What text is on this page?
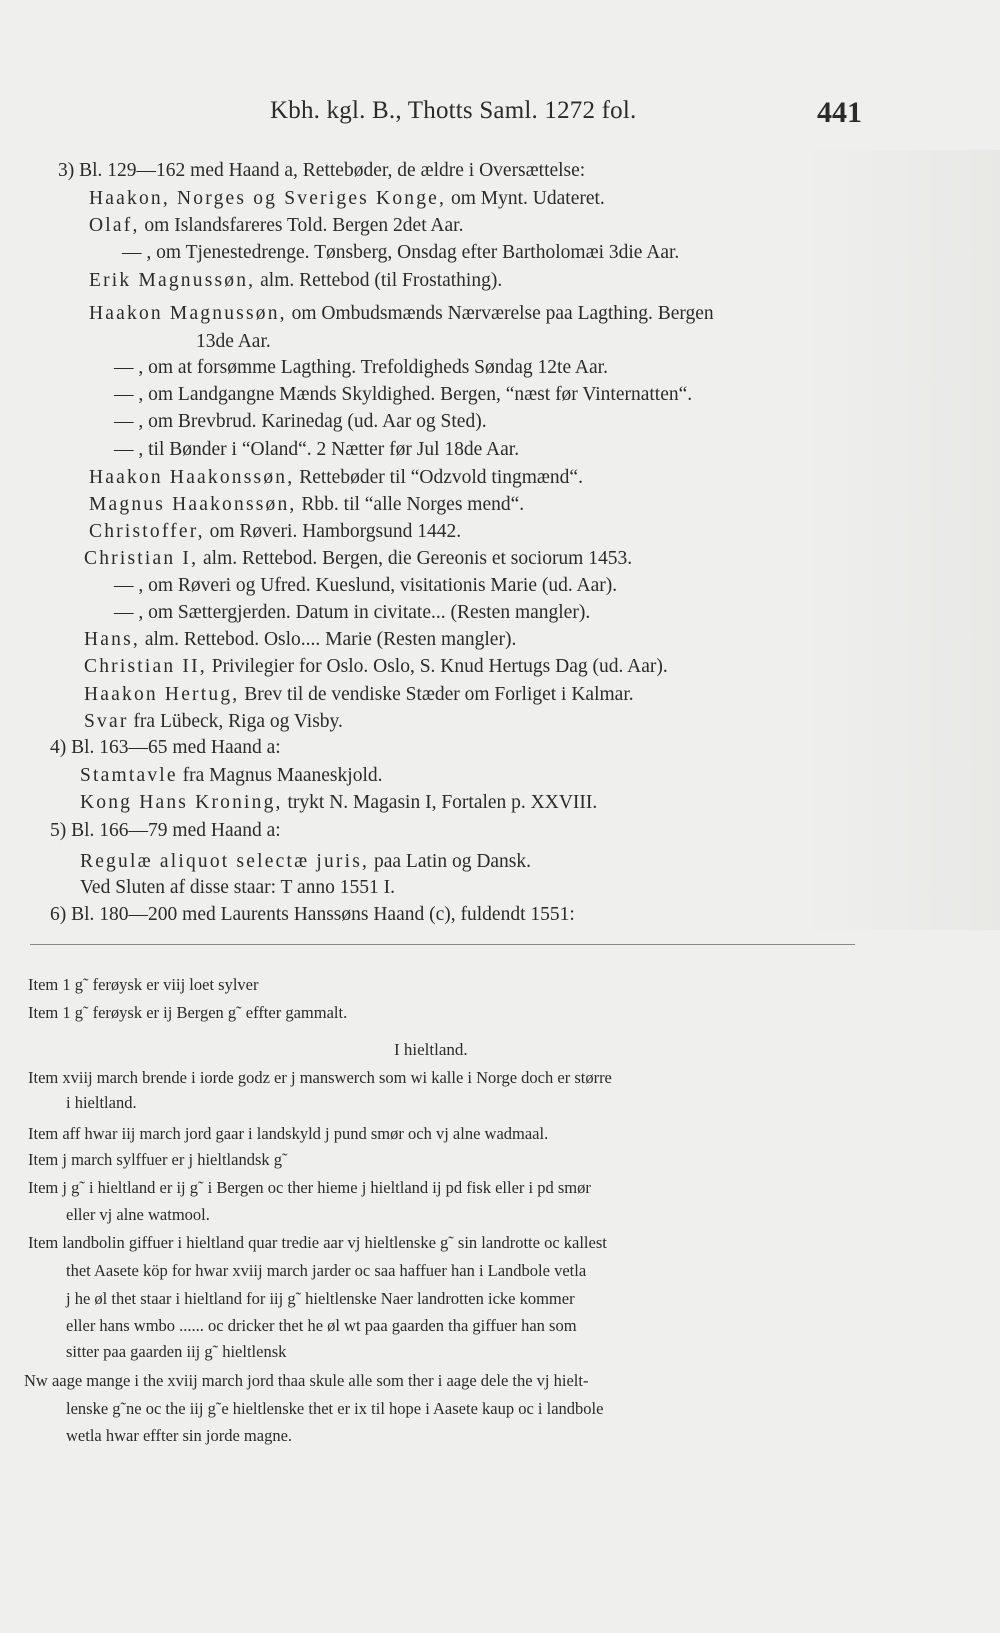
Kbh. kgl. B., Thotts Saml. 1272 fol.	441
3) Bl. 129—162 med Haand a, Rettebøder, de ældre i Oversættelse:
Haakon, Norges og Sveriges Konge, om Mynt. Udateret.
Olaf, om Islandsfareres Told. Bergen 2det Aar.
— , om Tjenestedrenge. Tønsberg, Onsdag efter Bartholomæi 3die Aar.
Erik Magnussøn, alm. Rettebod (til Frostathing).
Haakon Magnussøn, om Ombudsmænds Nærværelse paa Lagthing. Bergen
13de Aar.
— , om at forsømme Lagthing. Trefoldigheds Søndag 12te Aar.
— , om Landgangne Mænds Skyldighed. Bergen, “næst før Vinternatten“.
— , om Brevbrud. Karinedag (ud. Aar og Sted).
— , til Bønder i “Oland“. 2 Nætter før Jul 18de Aar.
Haakon Haakonssøn, Rettebøder til “Odzvold tingmænd“.
Magnus Haakonssøn, Rbb. til “alle Norges mend“.
Christoffer, om Røveri. Hamborgsund 1442.
Christian I, alm. Rettebod. Bergen, die Gereonis et sociorum 1453.
— , om Røveri og Ufred. Kueslund, visitationis Marie (ud. Aar).
— , om Sættergjerden. Datum in civitate... (Resten mangler).
Hans, alm. Rettebod. Oslo.... Marie (Resten mangler).
Christian II, Privilegier for Oslo. Oslo, S. Knud Hertugs Dag (ud. Aar).
Haakon Hertug, Brev til de vendiske Stæder om Forliget i Kalmar.
Svar fra Lübeck, Riga og Visby.
4) Bl. 163—65 med Haand a:
Stamtavle fra Magnus Maaneskjold.
Kong Hans Kroning, trykt N. Magasin I, Fortalen p. XXVIII.
5) Bl. 166—79 med Haand a:
Regulæ aliquot selectæ juris, paa Latin og Dansk.
Ved Sluten af disse staar: T anno 1551 I.
6) Bl. 180—200 med Laurents Hanssøns Haand (c), fuldendt 1551:
Item 1 g˜ ferøysk er viij loet sylver
Item 1 g˜ ferøysk er ij Bergen g˜ effter gammalt.
I hieltland.
Item xviij march brende i iorde godz er j manswerch som wi kalle i Norge doch er større
i hieltland.
Item aff hwar iij march jord gaar i landskyld j pund smør och vj alne wadmaal.
Item j march sylffuer er j hieltlandsk g˜
Item j g˜ i hieltland er ij g˜ i Bergen oc ther hieme j hieltland ij pd fisk eller i pd smør
eller vj alne watmool.
Item landbolin giffuer i hieltland quar tredie aar vj hieltlenske g˜ sin landrotte oc kallest
thet Aasete köp for hwar xviij march jarder oc saa haffuer han i Landbole vetla
j he øl thet staar i hieltland for iij g˜ hieltlenske Naer landrotten icke kommer
eller hans wmbo ...... oc dricker thet he øl wt paa gaarden tha giffuer han som
sitter paa gaarden iij g˜ hieltlensk
Nw aage mange i the xviij march jord thaa skule alle som ther i aage dele the vj hielt-
lenske g˜ne oc the iij g˜e hieltlenske thet er ix til hope i Aasete kaup oc i landbole
wetla hwar effter sin jorde magne.
